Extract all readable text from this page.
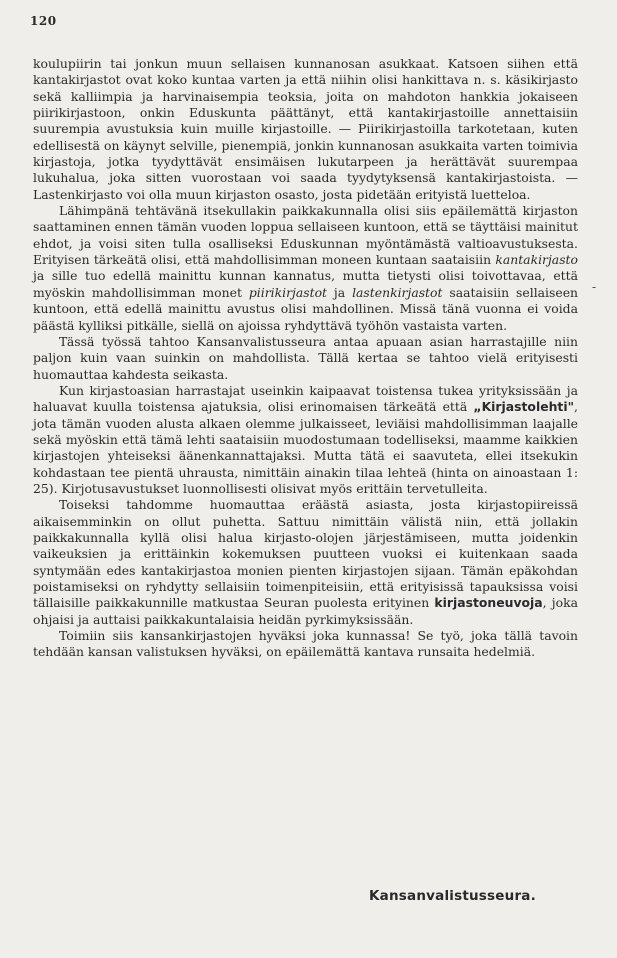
120
-

koulupiirin tai jonkun muun sellaisen kunnanosan asukkaat. Katsoen siihen että kantakirjastot ovat koko kuntaa varten ja että niihin olisi hankittava n. s. käsikirjasto sekä kalliimpia ja harvinaisempia teoksia, joita on mahdoton hankkia jokaiseen piirikirjastoon, onkin Eduskunta päättänyt, että kantakirjastoille annettaisiin suurempia avustuksia kuin muille kirjastoille. — Piirikirjastoilla tarkotetaan, kuten edellisestä on käynyt selville, pienempiä, jonkin kunnanosan asukkaita varten toimivia kirjastoja, jotka tyydyttävät ensimäisen lukutarpeen ja herättävät suurempaa lukuhalua, joka sitten vuorostaan voi saada tyydytyksensä kantakirjastoista. — Lastenkirjasto voi olla muun kirjaston osasto, josta pidetään erityistä luetteloa.

Lähimpänä tehtävänä itsekullakin paikkakunnalla olisi siis epäilemättä kirjaston saattaminen ennen tämän vuoden loppua sellaiseen kuntoon, että se täyttäisi mainitut ehdot, ja voisi siten tulla osalliseksi Eduskunnan myöntämästä valtioavustuksesta. Erityisen tärkeätä olisi, että mahdollisimman moneen kuntaan saataisiin kantakirjasto ja sille tuo edellä mainittu kunnan kannatus, mutta tietysti olisi toivottavaa, että myöskin mahdollisimman monet piirikirjastot ja lastenkirjastot saataisiin sellaiseen kuntoon, että edellä mainittu avustus olisi mahdollinen. Missä tänä vuonna ei voida päästä kylliksi pitkälle, siellä on ajoissa ryhdyttävä työhön vastaista varten.

Tässä työssä tahtoo Kansanvalistusseura antaa apuaan asian harrastajille niin paljon kuin vaan suinkin on mahdollista. Tällä kertaa se tahtoo vielä erityisesti huomauttaa kahdesta seikasta.

Kun kirjastoasian harrastajat useinkin kaipaavat toistensa tukea yrityksissään ja haluavat kuulla toistensa ajatuksia, olisi erinomaisen tärkeätä että „Kirjastolehti", jota tämän vuoden alusta alkaen olemme julkaisseet, leviäisi mahdollisimman laajalle sekä myöskin että tämä lehti saataisiin muodostumaan todelliseksi, maamme kaikkien kirjastojen yhteiseksi äänenkannattajaksi. Mutta tätä ei saavuteta, ellei itsekukin kohdastaan tee pientä uhrausta, nimittäin ainakin tilaa lehteä (hinta on ainoastaan 1: 25). Kirjotusavustukset luonnollisesti olisivat myös erittäin tervetulleita.

Toiseksi tahdomme huomauttaa eräästä asiasta, josta kirjastopiireissä aikaisemminkin on ollut puhetta. Sattuu nimittäin välistä niin, että jollakin paikkakunnalla kyllä olisi halua kirjasto-olojen järjestämiseen, mutta joidenkin vaikeuksien ja erittäinkin kokemuksen puutteen vuoksi ei kuitenkaan saada syntymään edes kantakirjastoa monien pienten kirjastojen sijaan. Tämän epäkohdan poistamiseksi on ryhdytty sellaisiin toimenpiteisiin, että erityisissä tapauksissa voisi tällaisille paikkakunnille matkustaa Seuran puolesta erityinen kirjastoneuvoja, joka ohjaisi ja auttaisi paikkakuntalaisia heidän pyrkimyksissään.

Toimiin siis kansankirjastojen hyväksi joka kunnassa! Se työ, joka tällä tavoin tehdään kansan valistuksen hyväksi, on epäilemättä kantava runsaita hedelmiä.

Kansanvalistusseura.
